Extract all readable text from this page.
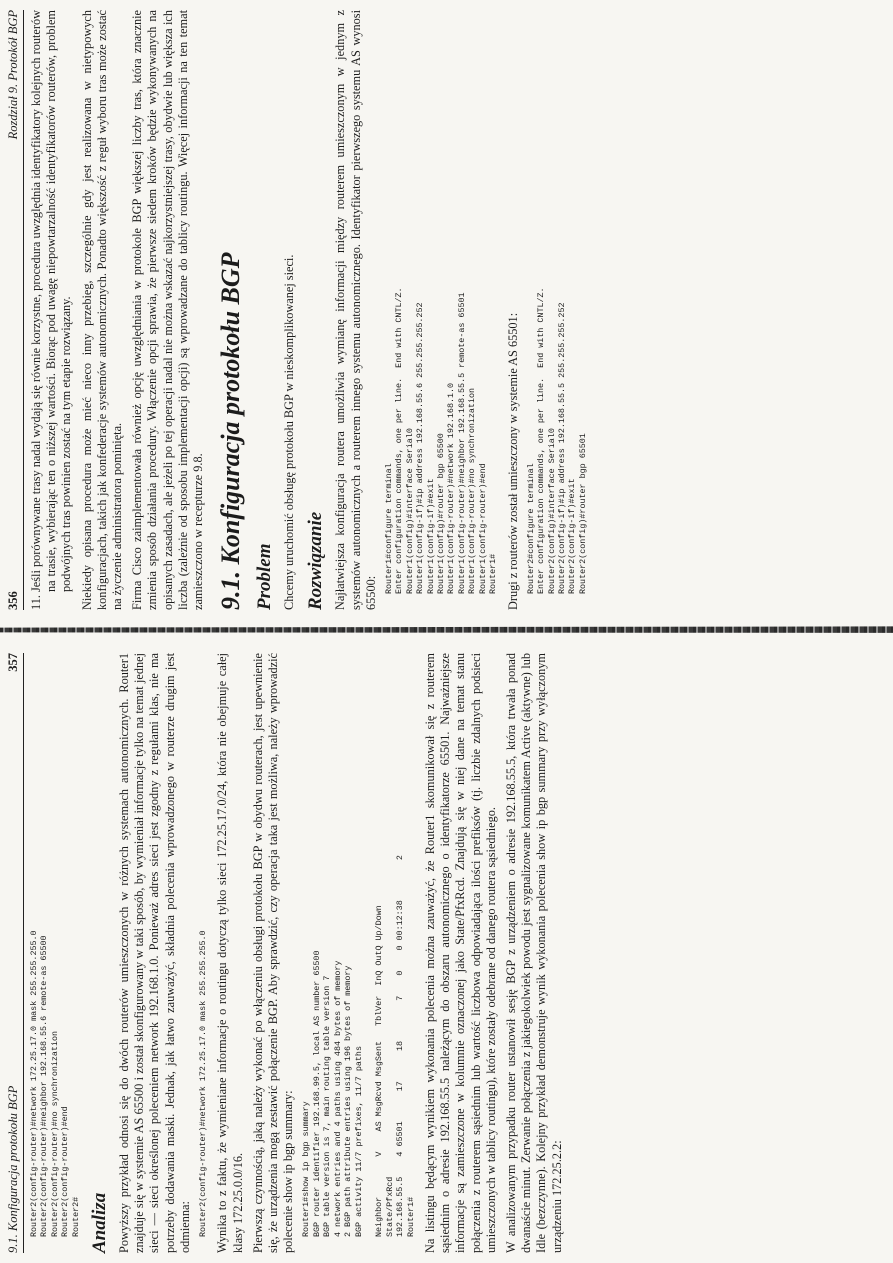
356
Rozdział 9. Protokół BGP 11. Jeśli porównywane trasy nadal wydają się równie korzystne, procedura uwzględnia identyfikatory kolejnych routerów na trasie, wybierając ten o niższej wartości. Biorąc pod uwagę niepowtarzalność identyfikatorów routerów, problem podwójnych tras powinien zostać na tym etapie rozwiązany. Niekiedy opisana procedura może mieć nieco inny przebieg, szczególnie gdy jest realizowana w nietypowych konfiguracjach, takich jak konfederacje systemów autonomicznych. Ponadto większość z reguł wyboru tras może zostać na życzenie administratora pominięta. Firma Cisco zaimplementowała również opcję uwzględniania w protokole BGP większej liczby tras, która znacznie zmienia sposób działania procedury. Włączenie opcji sprawia, że pierwsze siedem kroków będzie wykonywanych na opisanych zasadach, ale jeżeli po tej operacji nadal nie można wskazać najkorzystniejszej trasy, obydwie lub większa ich liczba (zależnie od sposobu implementacji opcji) są wprowadzane do tablicy routingu. Więcej informacji na ten temat zamieszczono w recepturze 9.8. 9.1. Konfiguracja protokołu BGP Problem Chcemy uruchomić obsługę protokołu BGP w nieskomplikowanej sieci. Rozwiązanie Najłatwiejsza konfiguracja routera umożliwia wymianę informacji między routerem umieszczonym w jednym z systemów autonomicznych a routerem innego systemu autonomicznego. Identyfikator pierwszego systemu AS wynosi 65500: Router1#configure terminal
Enter configuration commands, one per line.  End with CNTL/Z.
Router1(config)#interface Serial0
Router1(config-if)#ip address 192.168.55.6 255.255.255.252
Router1(config-if)#exit
Router1(config)#router bgp 65500
Router1(config-router)#network 192.168.1.0
Router1(config-router)#neighbor 192.168.55.5 remote-as 65501
Router1(config-router)#no synchronization
Router1(config-router)#end
Router1# Drugi z routerów został umieszczony w systemie AS 65501: Router2#configure terminal
Enter configuration commands, one per line.  End with CNTL/Z.
Router2(config)#interface Serial0
Router2(config-if)#ip address 192.168.55.5 255.255.255.252
Router2(config-if)#exit
Router2(config)#router bgp 65501
9.1. Konfiguracja protokołu BGP
357
Router2(config-router)#network 172.25.17.0 mask 255.255.255.0
Router2(config-router)#neighbor 192.168.55.6 remote-as 65500
Router2(config-router)#no synchronization
Router2(config-router)#end
Router2# Analiza Powyższy przykład odnosi się do dwóch routerów umieszczonych w różnych systemach autonomicznych. Router1 znajduje się w systemie AS 65500 i został skonfigurowany w taki sposób, by wymieniał informacje tylko na temat jednej sieci — sieci określonej poleceniem network 192.168.1.0. Ponieważ adres sieci jest zgodny z regułami klas, nie ma potrzeby dodawania maski. Jednak, jak łatwo zauważyć, składnia polecenia wprowadzonego w routerze drugim jest odmienna: Router2(config-router)#network 172.25.17.0 mask 255.255.255.0 Wynika to z faktu, że wymieniane informacje o routingu dotyczą tylko sieci 172.25.17.0/24, która nie obejmuje całej klasy 172.25.0.0/16. Pierwszą czynnością, jaką należy wykonać po włączeniu obsługi protokołu BGP w obydwu routerach, jest upewnienie się, że urządzenia mogą zestawić połączenie BGP. Aby sprawdzić, czy operacja taka jest możliwa, należy wprowadzić polecenie show ip bgp summary: Router1#show ip bgp summary
BGP router identifier 192.168.99.5, local AS number 65500
BGP table version is 7, main routing table version 7
4 network entries and 4 paths using 484 bytes of memory
2 BGP path attribute entries using 196 bytes of memory
BGP activity 11/7 prefixes, 11/7 paths

Neighbor        V    AS MsgRcvd MsgSent   TblVer  InQ OutQ Up/Down
State/PfxRcd
192.168.55.5    4 65501      17      18        7    0    0 00:12:38        2
Router1# Na listingu będącym wynikiem wykonania polecenia można zauważyć, że Router1 skomunikował się z routerem sąsiednim o adresie 192.168.55.5 należącym do obszaru autonomicznego o identyfikatorze 65501. Najważniejsze informacje są zamieszczone w kolumnie oznaczonej jako State/PfxRcd. Znajdują się w niej dane na temat stanu połączenia z routerem sąsiednim lub wartość liczbowa odpowiadająca ilości prefiksów (tj. liczbie zdalnych podsieci umieszczonych w tablicy routingu), które zostały odebrane od danego routera sąsiedniego. W analizowanym przypadku router ustanowił sesję BGP z urządzeniem o adresie 192.168.55.5, która trwała ponad dwanaście minut. Zerwanie połączenia z jakiegokolwiek powodu jest sygnalizowane komunikatem Active (aktywne) lub Idle (bezczynne). Kolejny przykład demonstruje wynik wykonania polecenia show ip bgp summary przy wyłączonym urządzeniu 172.25.2.2:
